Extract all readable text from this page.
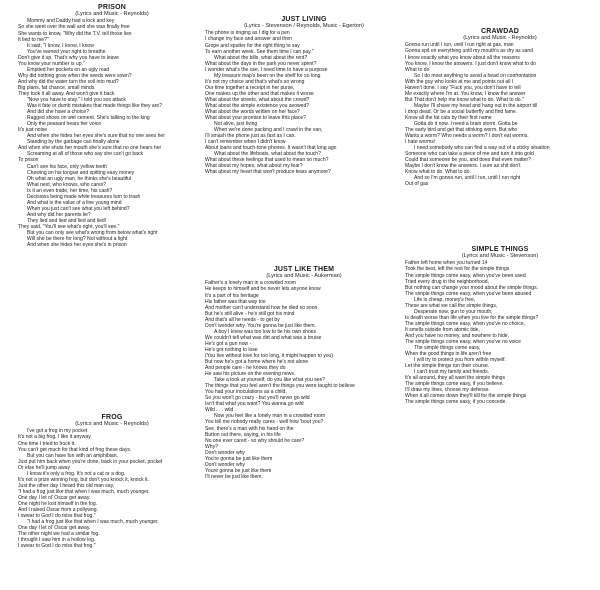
PRISON
(Lyrics and Music - Reynolds)
Mommy and Daddy had a lock and key
So she went over the wall and she was finally free
She wants to know, "Why did the T.V. tell those lies
It lied to me?"
It said, "I know, I know, I know
You've earned your right to breathe
Don't give it up. That's why you have to leave
You know your number is up."
Emptied her pockets on an ugly road
Why did nothing grow when the seeds were sown?
And why did the water turn the soil into mud?
Big plans, fat chance, small minds
They took it all away. And won't give it back
"Now you have to stay." I told you sos attack
Was it fate or dumb mistakes that made things like they are?
And did she have a choice?
Ragged shoes on wet cement. She's talking to the king
Only the peasant hears her voice
It's just noise
And when she hides her eyes she's sure that no one sees her
Standing by the garbage can finally alone
And when she shuts her mouth she's sure that no one hears her
Screaming at all of those who say she can't go back
To prison
Can't see his face, only yellow teeth
Chewing on his tongue and spitting easy money
Oh what an ugly man, he thinks she's beautiful
What next, who knows, who cares?
Is it an even trade, her time, his cash?
Decisions being made while treasures turn to trash
And what is the value of a line young mind
When you just can't see what you left behind?
And why did her parents lie?
They lied and lied and lied and lied!
They said, "You'll see what's right, you'll see."
But you can only see what's wrong from below what's right
Will she be there for long? Not without a light
And when she hides her eyes she's in prison
FROG
(Lyrics and Music - Reynolds)
I've got a frog in my pocket
It's not a big frog, I like it anyway.
One time I tried to hock it.
You can't get much for that kind of frog these days.
But you can have fun with an amphibian.
Just put him back when you're done, back in your pocket, pocket
Or else he'll jump away
I know it's only a frog. It's not a cat or a dog.
It's not a prize winning hog, but don't you knock it, knock it.
Just the other day I heard this old man say,
"I had a frog just like that when I was much, much younger.
One day I let ol' Oscar get away.
One night he lost himself in the fog.
And I raised Oscar from a pollywog.
I swear to God I do miss that frog."
"I had a frog just like that when I was much, much younger.
One day I let ol' Oscar get away.
The other night we had a similar fog.
I thought I saw him in a hollow log.
I swear to God I do miss that frog."
JUST LIVING
(Lyrics - Stevenson / Reynolds, Music - Egerton)
The phone is ringing as I dig for a pen
I change my face and answer and then
Grope and sputter for the right thing to say
To earn another week. See them time I can pay."
What about the bills, what about the rent?
What about the days in the park you never spent?
I wonder what's the use, I need time to have a purpose
My treasure map's been on the shelf for so long
It's not my choice and that's what's so wrong
Our time together a receipt in her purse,
One makes up the other and that makes it worse
What about the streets, what about the crowd?
What about the simple existence you avowed?
What about the words written on her face?
What about your promise to leave this place?
Not alive, just living
When we're done packing and I crawl in the van,
I'll smash the phone just as fast as I can.
I can't remember when I didn't know
About loans and touch-tone phones. It wasn't that long ago
What about the lifeboats, what about the touch?
What about these feelings that used to mean so much?
What about my hopes, what about my fear?
What about my heart that won't produce tears anymore?
JUST LIKE THEM
(Lyrics and Music - Aukerman)
Father's a lonely man in a crowded room
He keeps to himself and he never lets anyone know
It's a part of his heritage
His father was that way too
And mother can't understand how he died so soon
But he's still alive - he's still got his mind
And that's all he needs - to get by
Don't wonder why. You're gonna be just like them.
A boy I knew was too low to tie his own shoes
We couldn't tell what was dirt and what was a bruise
He's got a gun now -
He's got nothing to lose
(You live without love for too long, it might happen to you)
But now he's got a home where he's not alone
And people care - he knows they do
He saw his picture on the evening news.
Take a look at yourself, do you like what you see?
The things that you feel aren't the things you were taught to believe
You had your inoculations as a child,
So you won't go crazy - but you'll never go wild
Isn't that what you want? You wanna go wild
Wild . . . wild
Now you feel like a lonely man in a crowded room
You tell me nobody really cares - well how 'bout you?
See, there's a man with his hand on the
Button out there, saying, in his life
No one ever cared - so why should he care?
Why?
Don't wonder why
You're gonna be just like them
Don't wonder why
Youre gonna be just like them
I'll never be just like them.
CRAWDAD
(Lyrics and Music - Reynolds)
Gonna run until I run, until I run right at gas, man
Gonna spit on everything until my mouth's as dry as sand
I know exactly what you know about all the reasons
You know, I know the answers. I just don't know what to do
What to do
So I do most anything to avoid a head on confrontation
With the guy who looks at me and points out all I
Haven't done. I say "Fuck you, you don't have to tell
Me exactly where I'm at. You know, I know the answer
But That don't help me know what to do. What to do."
Maybe I'll shave my head and hang out in the airport till
I drop dead. Or be a social butterfly and find fame.
Know all the fat cats by their first name
Gotta do it now. I need a brain storm. Gotta be
The early bird and get that stinking worm. But who
Wants a worm? Who needs a worm? I don't eat worms.
I hate worms!
I need somebody who can find a way out of a sticky situation
Someone who can take a piece of me and turn it into gold
Could that someone be you, and does that even matter?
Maybe I don't know the answers. I sure as shit don't
Know what to do. What to do.
And so I'm gonna run, until I run, until I run right
Out of gas
SIMPLE THINGS
(Lyrics and Music - Stevenson)
Father left home when you turned 14
Took the best, left the rest for the simple things
The simple things come easy, when you've been used.
Tried every drug in the neighborhood,
But nothing can change your mood about the simple things.
The simple things come easy, when you've been abused
Life is cheap, money's free,
These are what we call the simple things,
Desperate now, gun to your mouth,
Is death worse than life when you live for the simple things?
The simple things come easy, when you've no choice,
It smells outside from atomic tide,
And you have no money, and nowhere to hide,
The simple things come easy, when you've no voice
The simple things come easy,
When the good things in life aren't free
I will try to protect you from within myself.
Let the simple things run their course.
I can't trust my family and friends.
It's all around, they all want the simple things
The simple things come easy, if you believe.
I'll draw my lines, choose my defense.
When it all comes down they'll kill for the simple things
The simple things come easy, if you concede.
